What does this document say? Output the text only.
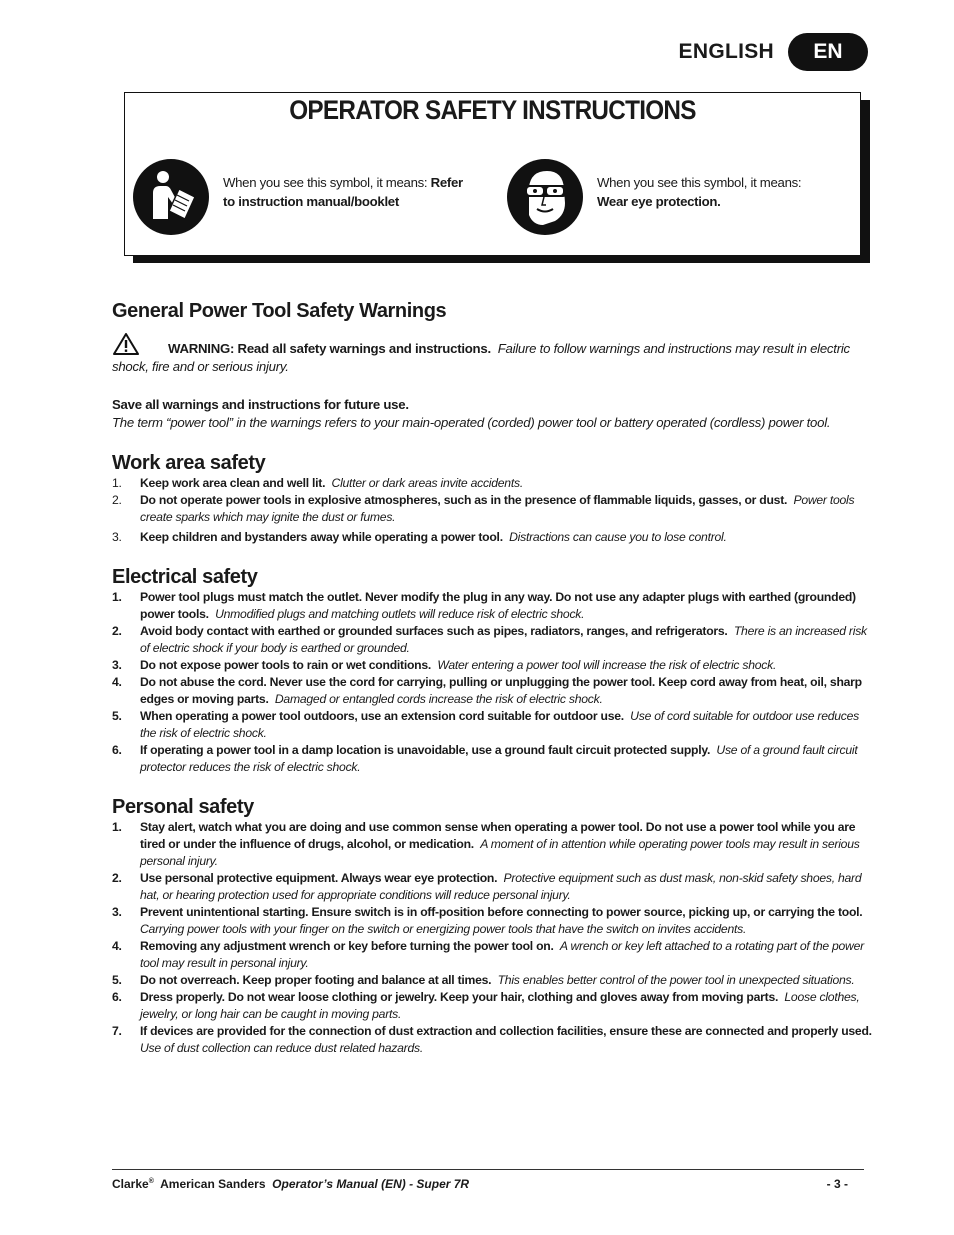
ENGLISH	EN
OPERATOR SAFETY INSTRUCTIONS
When you see this symbol, it means: Refer to instruction manual/booklet
When you see this symbol, it means:
Wear eye protection.
General Power Tool Safety Warnings
WARNING: Read all safety warnings and instructions. Failure to follow warnings and instructions may result in electric shock, fire and or serious injury.
Save all warnings and instructions for future use.
The term “power tool” in the warnings refers to your main-operated (corded) power tool or battery operated (cordless) power tool.
Work area safety
1. Keep work area clean and well lit. Clutter or dark areas invite accidents.
2. Do not operate power tools in explosive atmospheres, such as in the presence of flammable liquids, gasses, or dust. Power tools create sparks which may ignite the dust or fumes.
3. Keep children and bystanders away while operating a power tool. Distractions can cause you to lose control.
Electrical safety
1. Power tool plugs must match the outlet. Never modify the plug in any way. Do not use any adapter plugs with earthed (grounded) power tools. Unmodified plugs and matching outlets will reduce risk of electric shock.
2. Avoid body contact with earthed or grounded surfaces such as pipes, radiators, ranges, and refrigerators. There is an increased risk of electric shock if your body is earthed or grounded.
3. Do not expose power tools to rain or wet conditions. Water entering a power tool will increase the risk of electric shock.
4. Do not abuse the cord. Never use the cord for carrying, pulling or unplugging the power tool. Keep cord away from heat, oil, sharp edges or moving parts. Damaged or entangled cords increase the risk of electric shock.
5. When operating a power tool outdoors, use an extension cord suitable for outdoor use. Use of cord suitable for outdoor use reduces the risk of electric shock.
6. If operating a power tool in a damp location is unavoidable, use a ground fault circuit protected supply. Use of a ground fault circuit protector reduces the risk of electric shock.
Personal safety
1. Stay alert, watch what you are doing and use common sense when operating a power tool. Do not use a power tool while you are tired or under the influence of drugs, alcohol, or medication. A moment of in attention while operating power tools may result in serious personal injury.
2. Use personal protective equipment. Always wear eye protection. Protective equipment such as dust mask, non-skid safety shoes, hard hat, or hearing protection used for appropriate conditions will reduce personal injury.
3. Prevent unintentional starting. Ensure switch is in off-position before connecting to power source, picking up, or carrying the tool.  Carrying power tools with your finger on the switch or energizing power tools that have the switch on invites accidents.
4. Removing any adjustment wrench or key before turning the power tool on. A wrench or key left attached to a rotating part of the power tool may result in personal injury.
5. Do not overreach. Keep proper footing and balance at all times. This enables better control of the power tool in unexpected situations.
6. Dress properly. Do not wear loose clothing or jewelry. Keep your hair, clothing and gloves away from moving parts. Loose clothes, jewelry, or long hair can be caught in moving parts.
7. If devices are provided for the connection of dust extraction and collection facilities, ensure these are connected and properly used.
Use of dust collection can reduce dust related hazards.
Clarke® American Sanders Operator’s Manual (EN) - Super 7R	- 3 -
